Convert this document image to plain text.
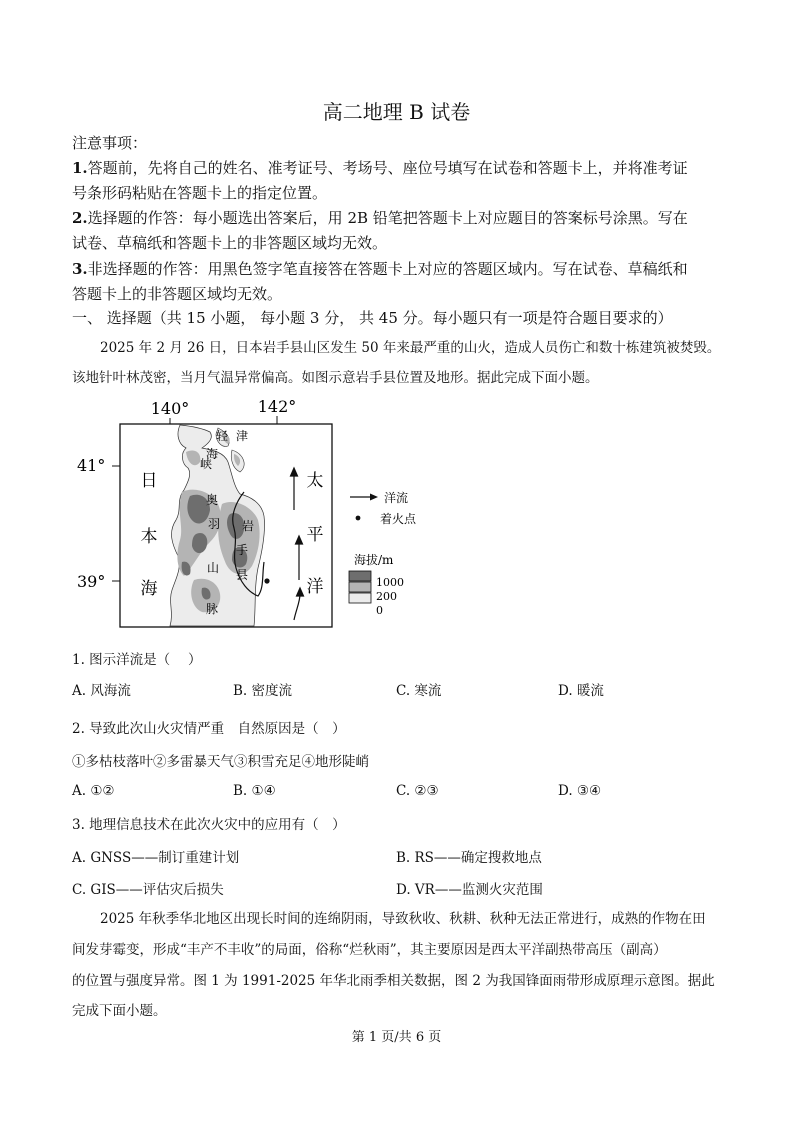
高二地理 B 试卷
注意事项：
1.答题前，先将自己的姓名、准考证号、考场号、座位号填写在试卷和答题卡上，并将准考证
号条形码粘贴在答题卡上的指定位置。
2.选择题的作答：每小题选出答案后，用 2B 铅笔把答题卡上对应题目的答案标号涂黑。写在
试卷、草稿纸和答题卡上的非答题区域均无效。
3.非选择题的作答：用黑色签字笔直接答在答题卡上对应的答题区域内。写在试卷、草稿纸和
答题卡上的非答题区域均无效。
一、 选择题（共 15 小题， 每小题 3 分， 共 45 分。每小题只有一项是符合题目要求的）
2025 年 2 月 26 日，日本岩手县山区发生 50 年来最严重的山火，造成人员伤亡和数十栋建筑被焚毁。
该地针叶林茂密，当月气温异常偏高。如图示意岩手县位置及地形。据此完成下面小题。
140°	142°
41°
39°
日
本
海
太
平
洋
轻 津
海
峡
奥
羽
山
脉
岩
手
县
洋流
着火点
海拔/m
1000
200
0
1. 图示洋流是（　 ）
A. 风海流	B. 密度流	C. 寒流	D. 暖流
2. 导致此次山火灾情严重　自然原因是（　）
①多枯枝落叶②多雷暴天气③积雪充足④地形陡峭
A. ①②	B. ①④	C. ②③	D. ③④
3. 地理信息技术在此次火灾中的应用有（　）
A. GNSS——制订重建计划	B. RS——确定搜救地点
C. GIS——评估灾后损失	D. VR——监测火灾范围
2025 年秋季华北地区出现长时间的连绵阴雨，导致秋收、秋耕、秋种无法正常进行，成熟的作物在田
间发芽霉变，形成“丰产不丰收”的局面，俗称“烂秋雨”，其主要原因是西太平洋副热带高压（副高）
的位置与强度异常。图 1 为 1991-2025 年华北雨季相关数据，图 2 为我国锋面雨带形成原理示意图。据此
完成下面小题。
第 1 页/共 6 页
